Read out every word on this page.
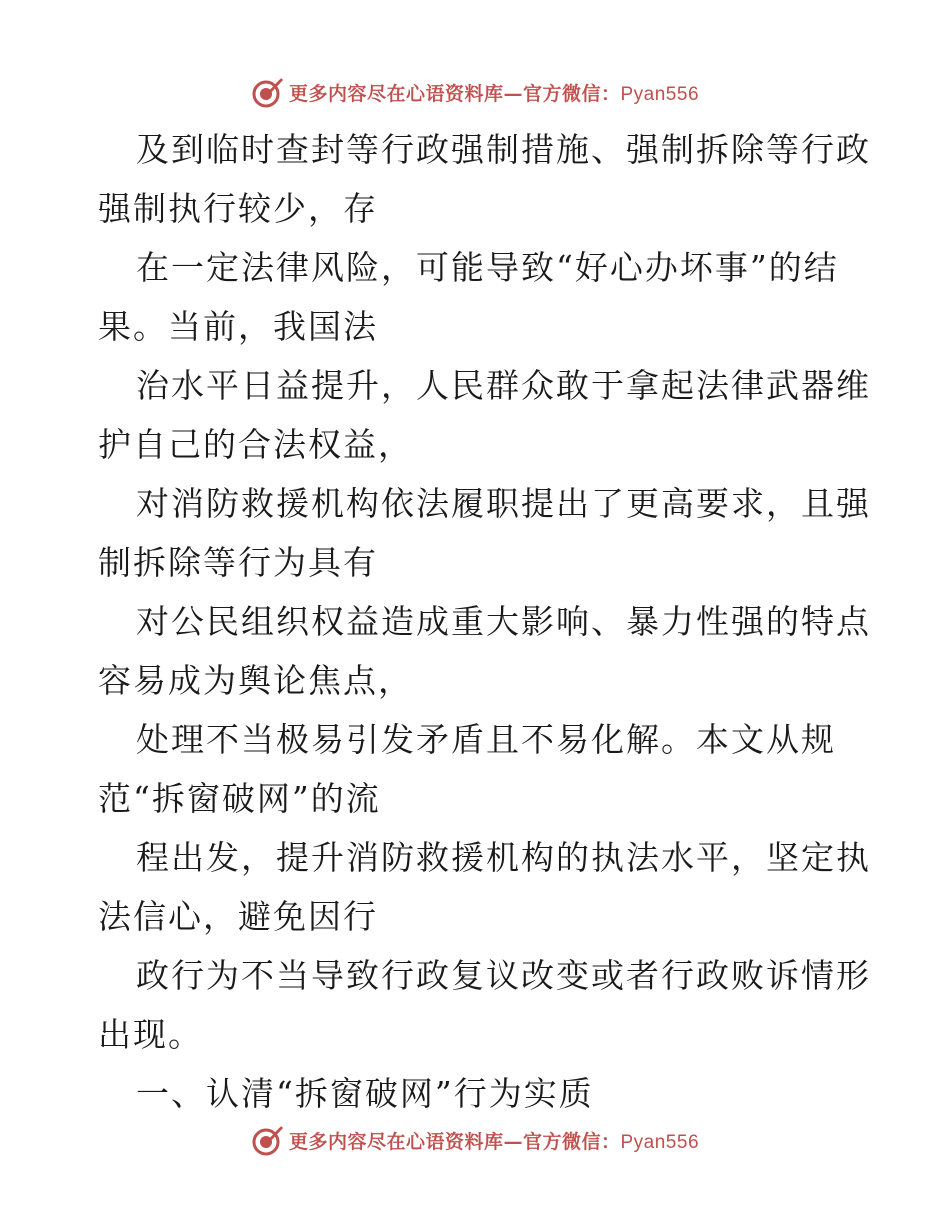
更多内容尽在心语资料库—官方微信：Pyan556
及到临时查封等行政强制措施、强制拆除等行政
强制执行较少，存
在一定法律风险，可能导致“好心办坏事”的结
果。当前，我国法
治水平日益提升，人民群众敢于拿起法律武器维
护自己的合法权益，
对消防救援机构依法履职提出了更高要求，且强
制拆除等行为具有
对公民组织权益造成重大影响、暴力性强的特点
容易成为舆论焦点，
处理不当极易引发矛盾且不易化解。本文从规
范“拆窗破网”的流
程出发，提升消防救援机构的执法水平，坚定执
法信心，避免因行
政行为不当导致行政复议改变或者行政败诉情形
出现。
一、认清“拆窗破网”行为实质
更多内容尽在心语资料库—官方微信：Pyan556
